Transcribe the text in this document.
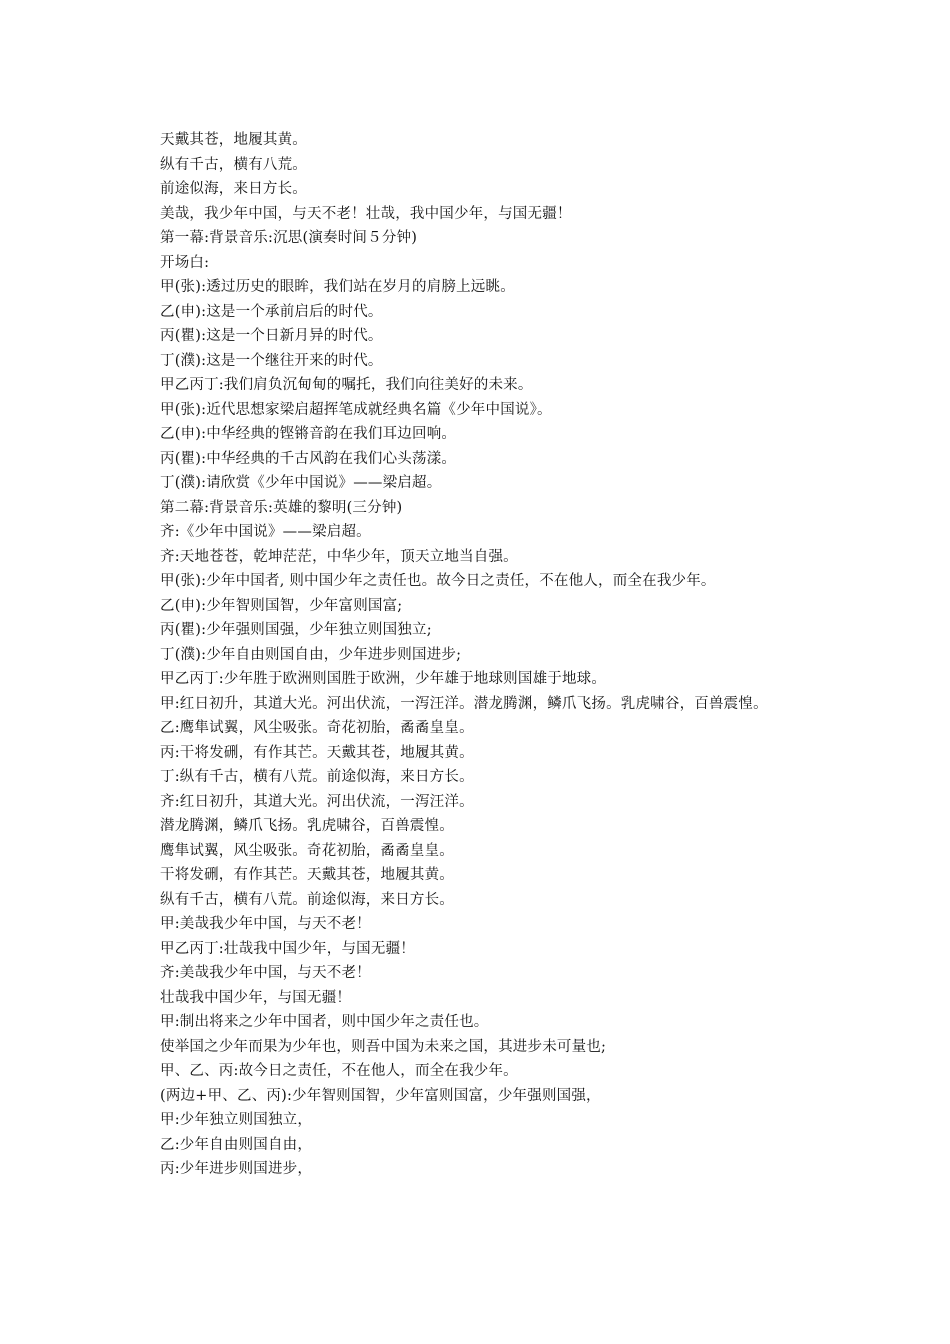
天戴其苍，地履其黄。
纵有千古，横有八荒。
前途似海，来日方长。
美哉，我少年中国，与天不老！壮哉，我中国少年，与国无疆！
第一幕:背景音乐:沉思(演奏时间５分钟)
开场白:
甲(张):透过历史的眼眸，我们站在岁月的肩膀上远眺。
乙(申):这是一个承前启后的时代。
丙(瞿):这是一个日新月异的时代。
丁(濮):这是一个继往开来的时代。
甲乙丙丁:我们肩负沉甸甸的嘱托，我们向往美好的未来。
甲(张):近代思想家梁启超挥笔成就经典名篇《少年中国说》。
乙(申):中华经典的铿锵音韵在我们耳边回响。
丙(瞿):中华经典的千古风韵在我们心头荡漾。
丁(濮):请欣赏《少年中国说》——梁启超。
第二幕:背景音乐:英雄的黎明(三分钟)
齐:《少年中国说》——梁启超。
齐:天地苍苍，乾坤茫茫，中华少年，顶天立地当自强。
甲(张):少年中国者, 则中国少年之责任也。故今日之责任，不在他人，而全在我少年。
乙(申):少年智则国智，少年富则国富;
丙(瞿):少年强则国强，少年独立则国独立;
丁(濮):少年自由则国自由，少年进步则国进步;
甲乙丙丁:少年胜于欧洲则国胜于欧洲，少年雄于地球则国雄于地球。
甲:红日初升，其道大光。河出伏流，一泻汪洋。潜龙腾渊，鳞爪飞扬。乳虎啸谷，百兽震惶。
乙:鹰隼试翼，风尘吸张。奇花初胎，矞矞皇皇。
丙:干将发硎，有作其芒。天戴其苍，地履其黄。
丁:纵有千古，横有八荒。前途似海，来日方长。
齐:红日初升，其道大光。河出伏流，一泻汪洋。
潜龙腾渊，鳞爪飞扬。乳虎啸谷，百兽震惶。
鹰隼试翼，风尘吸张。奇花初胎，矞矞皇皇。
干将发硎，有作其芒。天戴其苍，地履其黄。
纵有千古，横有八荒。前途似海，来日方长。
甲:美哉我少年中国，与天不老！
甲乙丙丁:壮哉我中国少年，与国无疆！
齐:美哉我少年中国，与天不老！
壮哉我中国少年，与国无疆！
甲:制出将来之少年中国者，则中国少年之责任也。
使举国之少年而果为少年也，则吾中国为未来之国，其进步未可量也;
甲、乙、丙:故今日之责任，不在他人，而全在我少年。
(两边+甲、乙、丙):少年智则国智，少年富则国富，少年强则国强，
甲:少年独立则国独立，
乙:少年自由则国自由，
丙:少年进步则国进步，
